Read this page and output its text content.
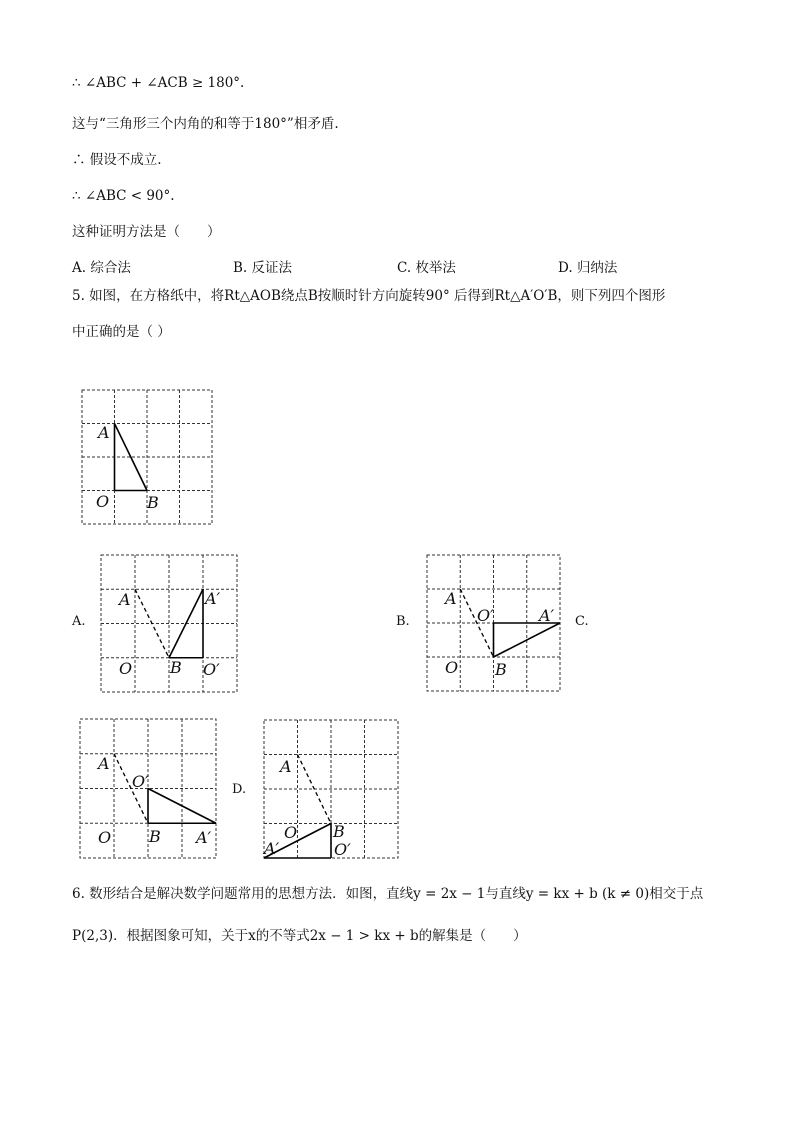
∴ ∠ABC + ∠ACB ≥ 180°.
这与“三角形三个内角的和等于180°”相矛盾.
∴ 假设不成立.
∴ ∠ABC < 90°.
这种证明方法是（　　）
A. 综合法	B. 反证法	C. 枚举法	D. 归纳法
5. 如图，在方格纸中，将Rt△AOB绕点B按顺时针方向旋转90° 后得到Rt△A′O′B，则下列四个图形
中正确的是（ ）
A
O B
A.
A
O B
A′
O′
B.
A
O B
O′	A′ C.
A
O B
O′
A′
D.
A
O B
O′
A′
6. 数形结合是解决数学问题常用的思想方法．如图，直线y = 2x − 1与直线y = kx + b (k ≠ 0)相交于点
P(2,3)．根据图象可知，关于x的不等式2x − 1 > kx + b的解集是（　　）
